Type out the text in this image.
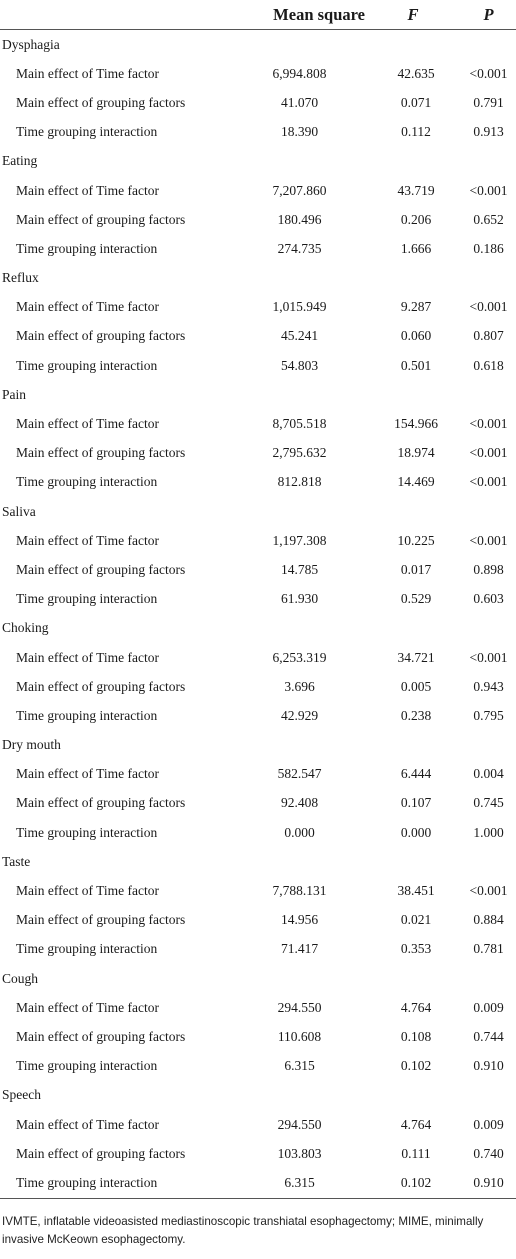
	Mean square	F	P
Dysphagia			
Main effect of Time factor	6,994.808	42.635	<0.001
Main effect of grouping factors	41.070	0.071	0.791
Time grouping interaction	18.390	0.112	0.913
Eating			
Main effect of Time factor	7,207.860	43.719	<0.001
Main effect of grouping factors	180.496	0.206	0.652
Time grouping interaction	274.735	1.666	0.186
Reflux			
Main effect of Time factor	1,015.949	9.287	<0.001
Main effect of grouping factors	45.241	0.060	0.807
Time grouping interaction	54.803	0.501	0.618
Pain			
Main effect of Time factor	8,705.518	154.966	<0.001
Main effect of grouping factors	2,795.632	18.974	<0.001
Time grouping interaction	812.818	14.469	<0.001
Saliva			
Main effect of Time factor	1,197.308	10.225	<0.001
Main effect of grouping factors	14.785	0.017	0.898
Time grouping interaction	61.930	0.529	0.603
Choking			
Main effect of Time factor	6,253.319	34.721	<0.001
Main effect of grouping factors	3.696	0.005	0.943
Time grouping interaction	42.929	0.238	0.795
Dry mouth			
Main effect of Time factor	582.547	6.444	0.004
Main effect of grouping factors	92.408	0.107	0.745
Time grouping interaction	0.000	0.000	1.000
Taste			
Main effect of Time factor	7,788.131	38.451	<0.001
Main effect of grouping factors	14.956	0.021	0.884
Time grouping interaction	71.417	0.353	0.781
Cough			
Main effect of Time factor	294.550	4.764	0.009
Main effect of grouping factors	110.608	0.108	0.744
Time grouping interaction	6.315	0.102	0.910
Speech			
Main effect of Time factor	294.550	4.764	0.009
Main effect of grouping factors	103.803	0.111	0.740
Time grouping interaction	6.315	0.102	0.910
IVMTE, inflatable videoasisted mediastinoscopic transhiatal esophagectomy; MIME, minimally invasive McKeown esophagectomy.
